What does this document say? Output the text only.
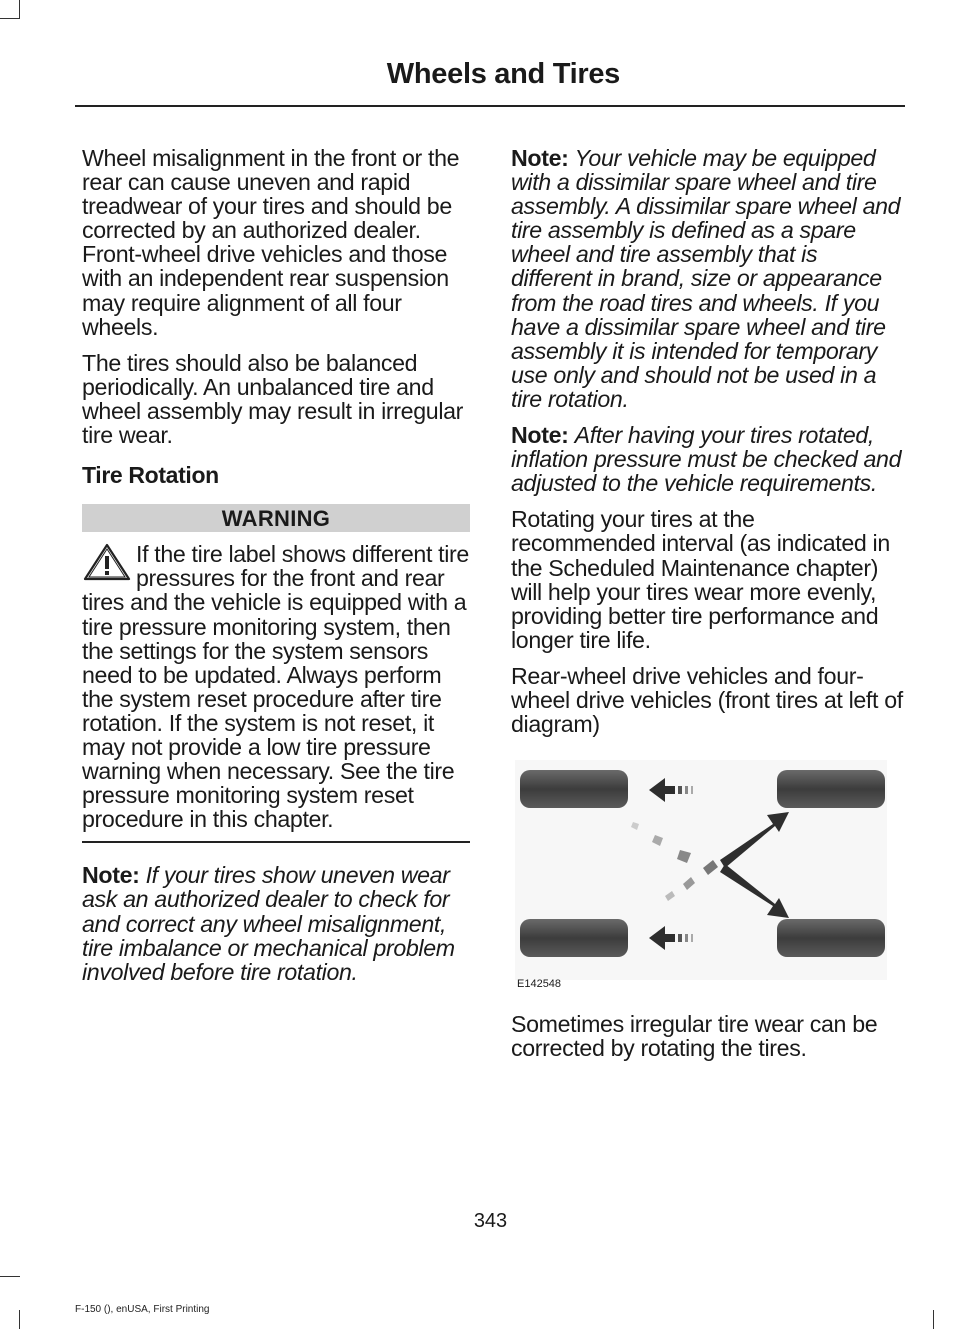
Wheels and Tires

Wheel misalignment in the front or the rear can cause uneven and rapid treadwear of your tires and should be corrected by an authorized dealer. Front-wheel drive vehicles and those with an independent rear suspension may require alignment of all four wheels.

The tires should also be balanced periodically. An unbalanced tire and wheel assembly may result in irregular tire wear.

Tire Rotation

WARNING

If the tire label shows different tire pressures for the front and rear tires and the vehicle is equipped with a tire pressure monitoring system, then the settings for the system sensors need to be updated. Always perform the system reset procedure after tire rotation. If the system is not reset, it may not provide a low tire pressure warning when necessary. See the tire pressure monitoring system reset procedure in this chapter.

Note: If your tires show uneven wear ask an authorized dealer to check for and correct any wheel misalignment, tire imbalance or mechanical problem involved before tire rotation.

Note: Your vehicle may be equipped with a dissimilar spare wheel and tire assembly. A dissimilar spare wheel and tire assembly is defined as a spare wheel and tire assembly that is different in brand, size or appearance from the road tires and wheels. If you have a dissimilar spare wheel and tire assembly it is intended for temporary use only and should not be used in a tire rotation.

Note: After having your tires rotated, inflation pressure must be checked and adjusted to the vehicle requirements.

Rotating your tires at the recommended interval (as indicated in the Scheduled Maintenance chapter) will help your tires wear more evenly, providing better tire performance and longer tire life.

Rear-wheel drive vehicles and four-wheel drive vehicles (front tires at left of diagram)

E142548

Sometimes irregular tire wear can be corrected by rotating the tires.

343
F-150 (), enUSA, First Printing
